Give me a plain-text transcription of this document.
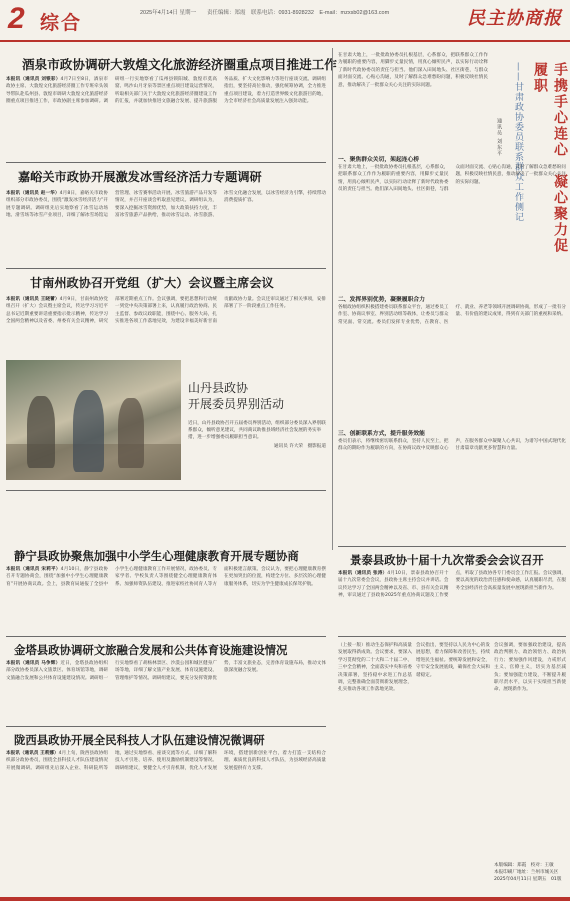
2 综合	2025年4月14日 星期一　　责任编辑：郑霞　联系电话：0931-8928232　E-mail：mzxsb02@163.com	民主协商报
酒泉市政协调研大敦煌文化旅游经济圈重点项目推进工作
本报讯（通讯员 刘银彩）4月7日至8日，酒泉市政协主席、大敦煌文化旅游经济圈工作专班牵头领导带队赴瓜州县、敦煌市调研大敦煌文化旅游经济圈重点项目推进工作，市政协副主席参加调研。调研组一行实地察看了瓜州县锁阳城、敦煌市莫高窟、鸣沙山月牙泉等景区重点项目建设运营情况，听取相关部门关于大敦煌文化旅游经济圈建设工作的汇报，并就加快推进文旅融合发展、提升旅游服务品质、扩大文化影响力等进行座谈交流。调研组指出，要坚持高位推动，强化统筹协调，全力推进重点项目建设，着力打造世界级文化旅游目的地，为全市经济社会高质量发展注入强劲动能。
嘉峪关市政协开展激发冰雪经济活力专题调研
本报讯（通讯员 赵一华）4月8日，嘉峪关市政协组织部分市政协委员，围绕“激发冰雪经济活力”开展专题调研。调研组先后实地察看了冰雪运动场地、滑雪场等冰雪产业项目，详细了解冰雪场馆运营管理、冰雪赛事活动开展、冰雪旅游产品开发等情况，并召开座谈会听取意见建议。调研组认为，要深入挖掘冰雪资源优势，加大政策扶持力度，丰富冰雪旅游产品供给，推动冰雪运动、冰雪旅游、冰雪文化融合发展，以冰雪经济为引擎，持续带动消费提质扩容。
甘南州政协召开党组（扩大）会议暨主席会议
本报讯（通讯员 王晓蕾）4月9日，甘南州政协党组召开（扩大）会议暨主席会议，传达学习习近平总书记近期重要讲话重要指示批示精神，传达学习全国两会精神以及省委、州委有关会议精神，研究部署近期重点工作。会议强调，要把思想和行动统一到党中央决策部署上来，认真履行政治协商、民主监督、参政议政职能，围绕中心、服务大局，扎实推进各项工作落地见效，为建设幸福美好新甘南贡献政协力量。会议还审议通过了相关事项，安排部署了下一阶段重点工作任务。
山丹县政协
开展委员界别活动
近日，山丹县政协召开五届委员界别活动，组织部分委员深入界别联系群众，倾听意见建议，共同商议助推县域经济社会发展的务实举措，进一步增强委员履职担当意识。
通讯员 许大荣　摄影报道
手携手心连心　凝心聚力促履职
——甘肃政协委员联系群众工作侧记
通讯员 刘东平
在甘肃大地上，一批批政协委员扎根基层，心系群众，把联系群众工作作为履职的重要内容，用脚步丈量民情，用真心倾听民声，以实际行动诠释了新时代政协委员的责任与担当。他们深入田间地头、社区街巷，与群众面对面交流、心贴心沟通，及时了解群众急难愁盼问题，积极反映社情民意，推动解决了一批群众关心关注的实际问题。
一、聚焦群众关切，架起连心桥
在甘肃大地上，一批批政协委员扎根基层，心系群众，把联系群众工作作为履职的重要内容，用脚步丈量民情，用真心倾听民声，以实际行动诠释了新时代政协委员的责任与担当。他们深入田间地头、社区街巷，与群众面对面交流、心贴心沟通，及时了解群众急难愁盼问题，积极反映社情民意，推动解决了一批群众关心关注的实际问题。
二、发挥界别优势，凝聚履职合力
各级政协组织积极搭建委员联系群众平台，通过委员工作室、协商议事室、界别活动组等载体，让委员与群众常见面、常交流。委员们发挥专业优势，在教育、医疗、就业、养老等领域开展调研协商，形成了一批有分量、有价值的建议成果，得到有关部门的重视和采纳。
三、创新联系方式，提升服务效能
委员们表示，将继续密切联系群众，坚持人民至上，把群众的期盼作为履职的方向，在协商议政中反映群众心声，在服务群众中凝聚人心共识，为谱写中国式现代化甘肃篇章贡献更多智慧和力量。
静宁县政协聚焦加强中小学生心理健康教育开展专题协商
本报讯（通讯员 宋莉平）4月10日，静宁县政协召开专题协商会，围绕“加强中小学生心理健康教育”开展协商议政。会上，县教育局通报了全县中小学生心理健康教育工作开展情况，政协委员、专家学者、学校负责人等围绕健全心理健康教育体系、加强师资队伍建设、推进家校社协同育人等方面积极建言献策。会议认为，要把心理健康教育摆在更加突出的位置，构建全方位、多层次的心理健康服务体系，切实为学生健康成长保驾护航。
金塔县政协调研文旅融合发展和公共体育设施建设情况
本报讯（通讯员 马争辉）近日，金塔县政协组织部分政协委员深入文旅景区、体育场馆等地，调研文旅融合发展和公共体育设施建设情况。调研组一行实地察看了胡杨林景区、沙漠公园和城区健身广场等地，详细了解文旅产业发展、体育设施建设、管理维护等情况。调研组建议，要充分发挥资源优势，丰富文旅业态，完善体育设施布局，推动文体旅深度融合发展。
陇西县政协开展全民科技人才队伍建设情况微调研
本报讯（通讯员 王莉娜）4月上旬，陇西县政协组织部分政协委员，围绕全县科技人才队伍建设情况开展微调研。调研组先后深入企业、科研院所等地，通过实地察看、座谈交流等方式，详细了解科技人才引进、培养、使用及激励机制建设等情况。调研组建议，要健全人才引育机制，优化人才发展环境，搭建创新创业平台，着力打造一支结构合理、素质优良的科技人才队伍，为县域经济高质量发展提供有力支撑。
景泰县政协十届十九次常委会会议召开
本报讯（通讯员 张涛）4月10日，景泰县政协召开十届十九次常委会会议，县政协主席主持会议并讲话。会议传达学习了全国两会精神以及省、市、县有关会议精神，审议通过了县政协2025年重点协商议题及工作要点，听取了县政协各专门委员会工作汇报。会议强调，要以高度的政治责任感和使命感，认真履职尽责，在服务全县经济社会高质量发展中展现新担当新作为。
（上接一版）推动生态保护和高质量发展取得新成效。会议要求，要深入学习贯彻党的二十大和二十届二中、三中全会精神，全面落实中央和省委决策部署，坚持稳中求进工作总基调，完整准确全面贯彻新发展理念，扎实推动各项工作落地见效。
会议指出，要坚持以人民为中心的发展思想，着力保障和改善民生，持续增进民生福祉。要统筹发展和安全，守牢安全发展底线，确保社会大局和谐稳定。
会议强调，要加强政治建设，提高政治判断力、政治领悟力、政治执行力；要加强作风建设，力戒形式主义、官僚主义，切实为基层减负；要加强能力建设，不断提升履职尽责水平，以实干实绩担当新使命、展现新作为。
本版编辑：郑霞　校对：王敏
本报印刷厂地址：兰州市城关区
2025年04月11日 星期五　01版
